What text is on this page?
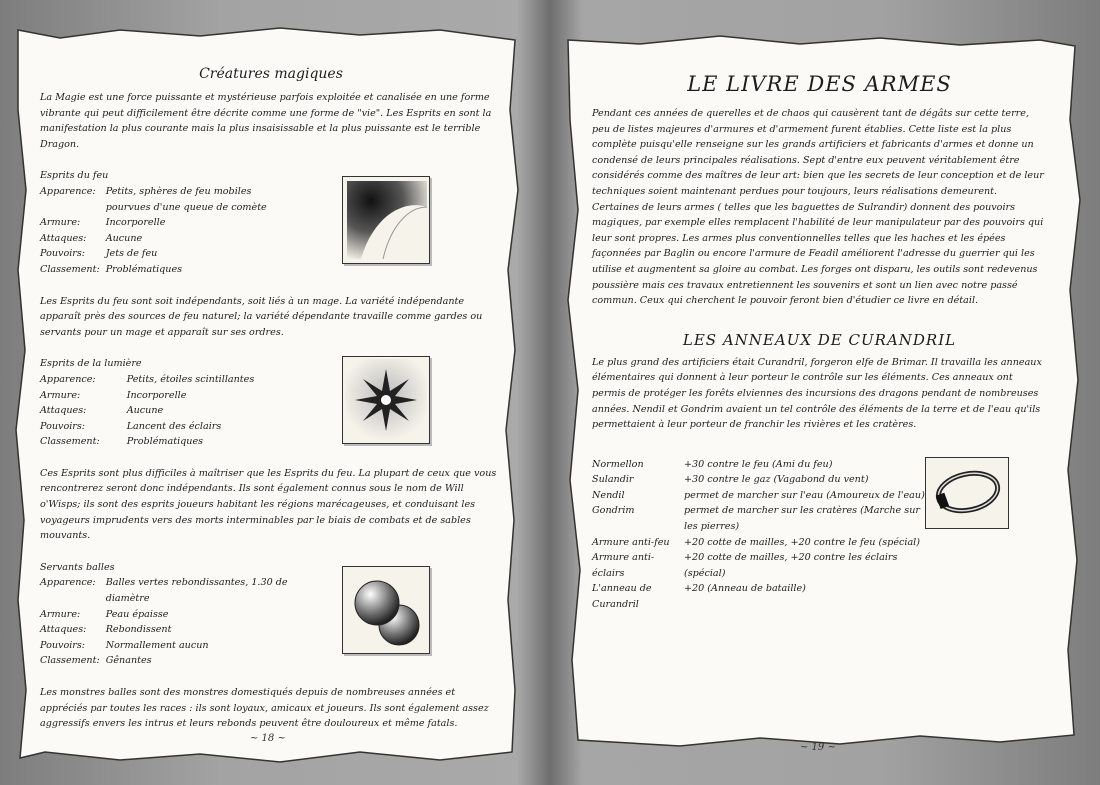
Créatures magiques

La Magie est une force puissante et mystérieuse parfois exploitée et canalisée en une forme vibrante qui peut difficilement être décrite comme une forme de "vie". Les Esprits en sont la manifestation la plus courante mais la plus insaisissable et la plus puissante est le terrible Dragon.

Esprits du feu
Apparence:	Petits, sphères de feu mobiles pourvues d'une queue de comète
Armure:	Incorporelle
Attaques:	Aucune
Pouvoirs:	Jets de feu
Classement:	Problématiques

Les Esprits du feu sont soit indépendants, soit liés à un mage. La variété indépendante apparaît près des sources de feu naturel; la variété dépendante travaille comme gardes ou servants pour un mage et apparaît sur ses ordres.

Esprits de la lumière
Apparence:	Petits, étoiles scintillantes
Armure:	Incorporelle
Attaques:	Aucune
Pouvoirs:	Lancent des éclairs
Classement:	Problématiques

Ces Esprits sont plus difficiles à maîtriser que les Esprits du feu. La plupart de ceux que vous rencontrerez seront donc indépendants. Ils sont également connus sous le nom de Will o'Wisps; ils sont des esprits joueurs habitant les régions marécageuses, et conduisant les voyageurs imprudents vers des morts interminables par le biais de combats et de sables mouvants.

Servants balles
Apparence:	Balles vertes rebondissantes, 1.30 de diamètre
Armure:	Peau épaisse
Attaques:	Rebondissent
Pouvoirs:	Normallement aucun
Classement:	Gênantes

Les monstres balles sont des monstres domestiqués depuis de nombreuses années et appréciés par toutes les races : ils sont loyaux, amicaux et joueurs. Ils sont également assez aggressifs envers les intrus et leurs rebonds peuvent être douloureux et même fatals.

~ 18 ~
LE LIVRE DES ARMES

Pendant ces années de querelles et de chaos qui causèrent tant de dégâts sur cette terre, peu de listes majeures d'armures et d'armement furent établies. Cette liste est la plus complète puisqu'elle renseigne sur les grands artificiers et fabricants d'armes et donne un condensé de leurs principales réalisations. Sept d'entre eux peuvent véritablement être considérés comme des maîtres de leur art: bien que les secrets de leur conception et de leur techniques soient maintenant perdues pour toujours, leurs réalisations demeurent. Certaines de leurs armes ( telles que les baguettes de Sulrandir) donnent des pouvoirs magiques, par exemple elles remplacent l'habilité de leur manipulateur par des pouvoirs qui leur sont propres. Les armes plus conventionnelles telles que les haches et les épées façonnées par Baglin ou encore l'armure de Feadil améliorent l'adresse du guerrier qui les utilise et augmentent sa gloire au combat. Les forges ont disparu, les outils sont redevenus poussière mais ces travaux entretiennent les souvenirs et sont un lien avec notre passé commun. Ceux qui cherchent le pouvoir feront bien d'étudier ce livre en détail.

LES ANNEAUX DE CURANDRIL

Le plus grand des artificiers était Curandril, forgeron elfe de Brimar. Il travailla les anneaux élémentaires qui donnent à leur porteur le contrôle sur les éléments. Ces anneaux ont permis de protéger les forêts elviennes des incursions des dragons pendant de nombreuses années. Nendil et Gondrim avaient un tel contrôle des éléments de la terre et de l'eau qu'ils permettaient à leur porteur de franchir les rivières et les cratères.

Normellon	+30 contre le feu (Ami du feu)
Sulandir	+30 contre le gaz (Vagabond du vent)
Nendil	permet de marcher sur l'eau (Amoureux de l'eau)
Gondrim	permet de marcher sur les cratères (Marche sur les pierres)
Armure anti-feu	+20 cotte de mailles, +20 contre le feu (spécial)
Armure anti-éclairs	+20 cotte de mailles, +20 contre les éclairs (spécial)
L'anneau de Curandril	+20 (Anneau de bataille)
~ 19 ~
